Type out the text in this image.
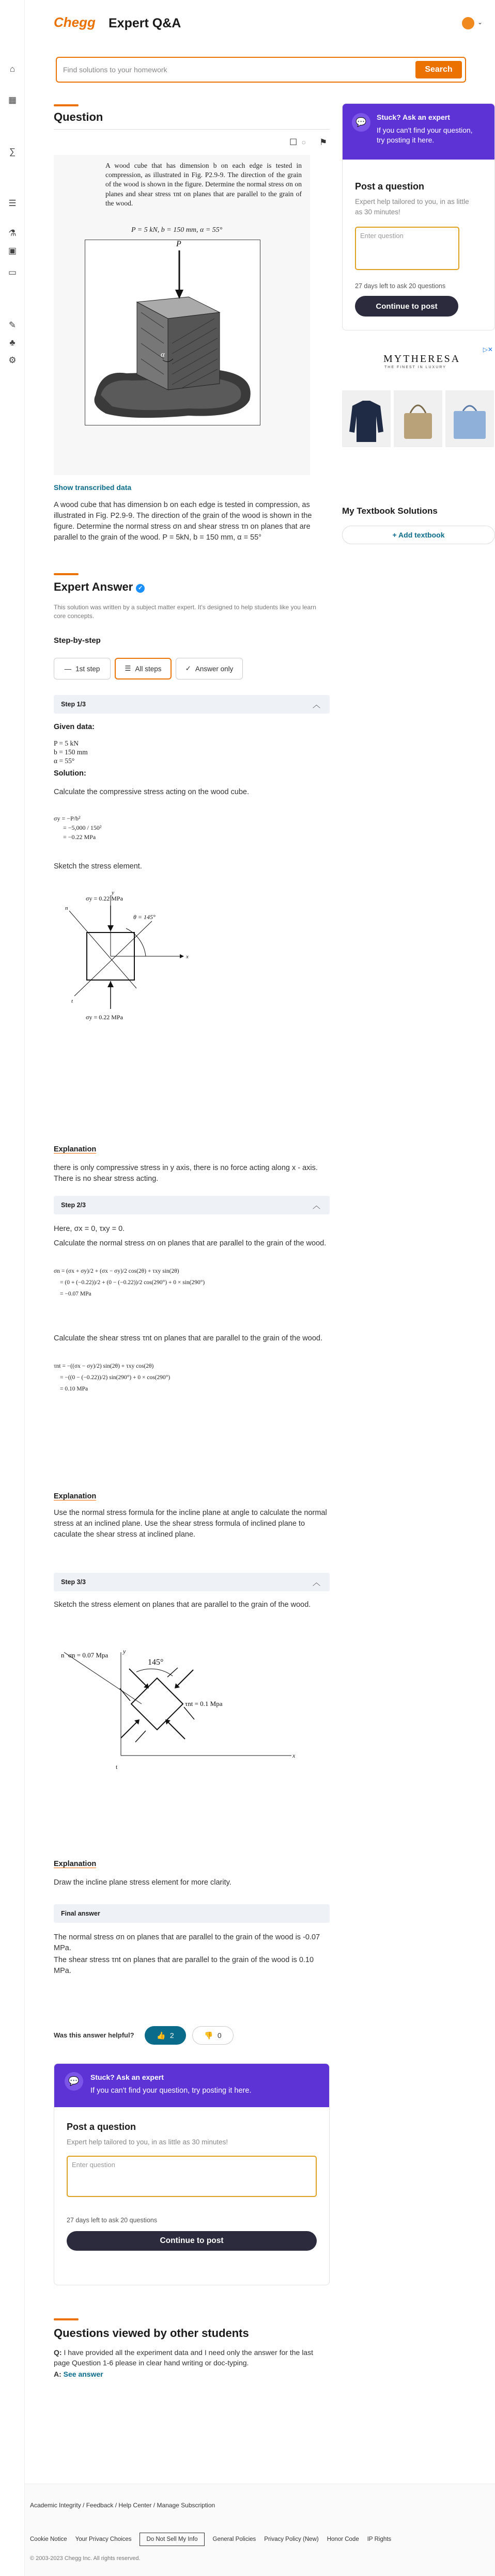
⌂
▦
∑
☰
⚗
▣
▭
✎
♣
⚙
Chegg Expert Q&A	⌄
Find solutions to your homework
Search
Question
☐ ◌ ⚑
A wood cube that has dimension b on each edge is tested in compression, as illustrated in Fig. P2.9-9. The direction of the grain of the wood is shown in the figure. Determine the normal stress σn on planes and shear stress τnt on planes that are parallel to the grain of the wood.
P = 5 kN, b = 150 mm, α = 55°
P
α
Show transcribed data
A wood cube that has dimension b on each edge is tested in compression, as illustrated in Fig. P2.9-9. The direction of the grain of the wood is shown in the figure. Determine the normal stress σn and shear stress τn on planes that are parallel to the grain of the wood. P = 5kN, b = 150 mm, α = 55°
Expert Answer ✓
This solution was written by a subject matter expert. It's designed to help students like you learn core concepts.
Step-by-step
— 1st step	☰ All steps	✓ Answer only
Step 1/3	︿
Given data:
P = 5 kN
b = 150 mm
α = 55°
Solution:
Calculate the compressive stress acting on the wood cube.
σy = −P/b²
= −5,000 / 150²
= −0.22 MPa
Sketch the stress element.
σy = 0.22 MPa
θ = 145°
σy = 0.22 MPa
x
y
n
t
Explanation
there is only compressive stress in y axis, there is no force acting along x - axis. There is no shear stress acting.
Step 2/3	︿
Here, σx = 0, τxy = 0.
Calculate the normal stress σn on planes that are parallel to the grain of the wood.
σn = (σx + σy)/2 + (σx − σy)/2 cos(2θ) + τxy sin(2θ)
= (0 + (−0.22))/2 + (0 − (−0.22))/2 cos(290°) + 0 × sin(290°)
= −0.07 MPa
Calculate the shear stress τnt on planes that are parallel to the grain of the wood.
τnt = −((σx − σy)/2) sin(2θ) + τxy cos(2θ)
= −((0 − (−0.22))/2) sin(290°) + 0 × cos(290°)
= 0.10 MPa
Explanation
Use the normal stress formula for the incline plane at angle to calculate the normal stress at an inclined plane. Use the shear stress formula of inclined plane to caculate the shear stress at inclined plane.
Step 3/3	︿
Sketch the stress element on planes that are parallel to the grain of the wood.
n σn = 0.07 Mpa
145°
τnt = 0.1 Mpa
t
x
y
Explanation
Draw the incline plane stress element for more clarity.
Final answer
The normal stress σn on planes that are parallel to the grain of the wood is -0.07 MPa.
The shear stress τnt on planes that are parallel to the grain of the wood is 0.10 MPa.
Was this answer helpful?	👍 2	👎 0
💬	Stuck? Ask an expert
If you can't find your question, try posting it here.
Post a question
Expert help tailored to you, in as little as 30 minutes!
Enter question
27 days left to ask 20 questions
Continue to post
Questions viewed by other students
Q: I have provided all the experiment data and I need only the answer for the last page Question 1-6 please in clear hand writing or doc-typing.
A: See answer
💬	Stuck? Ask an expert
If you can't find your question, try posting it here.
Post a question
Expert help tailored to you, in as little as 30 minutes!
Enter question
27 days left to ask 20 questions
Continue to post
▷✕
MYTHERESA
THE FINEST IN LUXURY
My Textbook Solutions
+ Add textbook
Academic Integrity / Feedback / Help Center / Manage Subscription
Cookie Notice Your Privacy Choices	Do Not Sell My Info	General Policies Privacy Policy (New) Honor Code IP Rights
© 2003-2023 Chegg Inc. All rights reserved.
